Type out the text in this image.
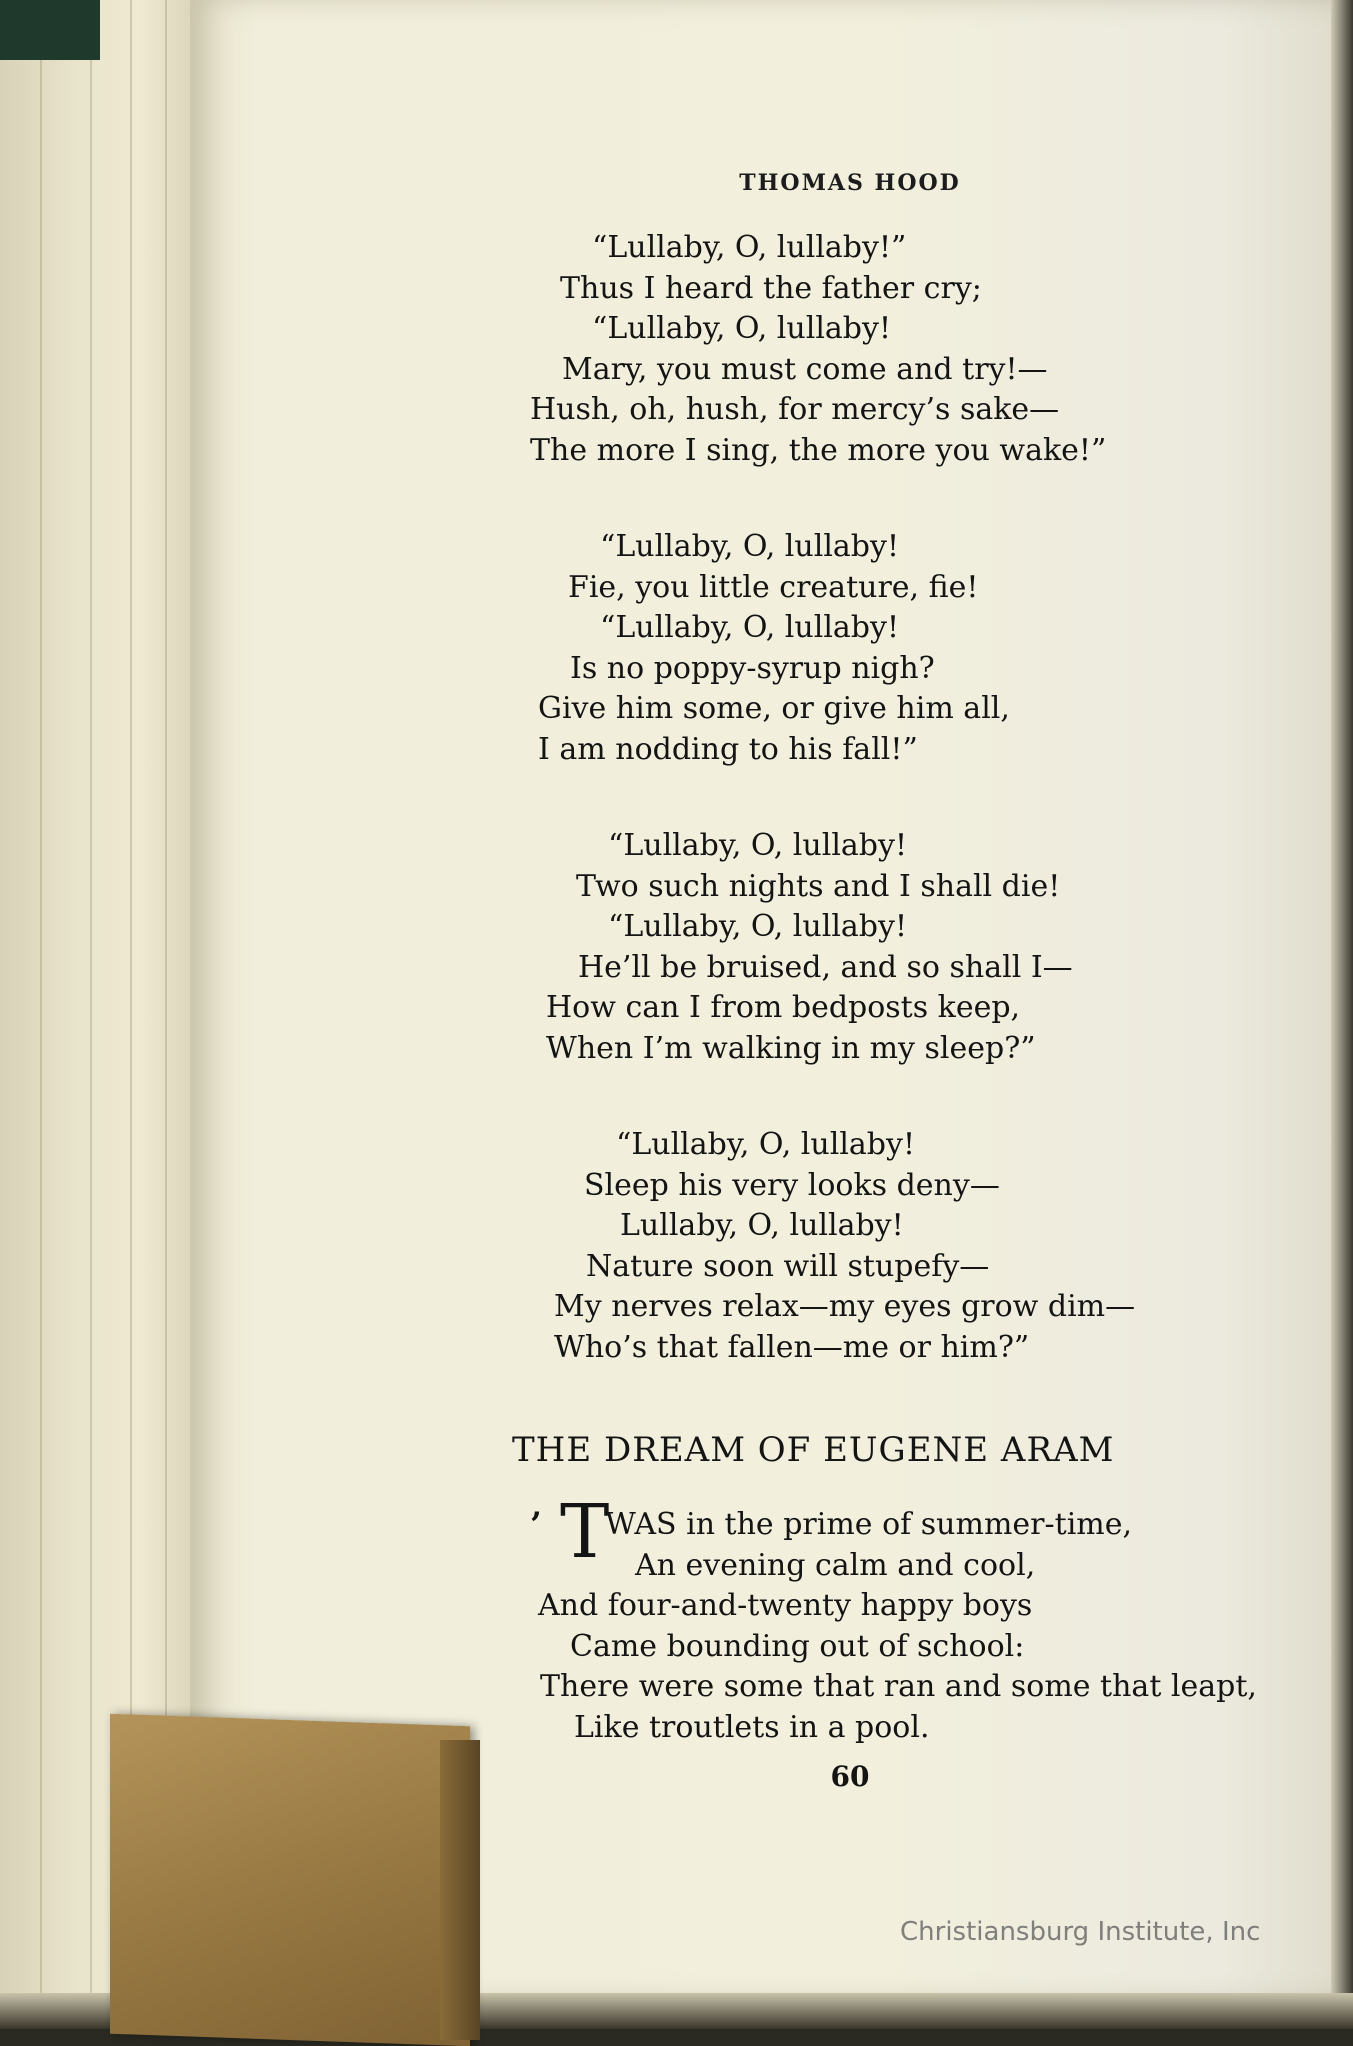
THOMAS HOOD
“Lullaby, O, lullaby!”
Thus I heard the father cry;
“Lullaby, O, lullaby!
Mary, you must come and try!—
Hush, oh, hush, for mercy’s sake—
The more I sing, the more you wake!”
“Lullaby, O, lullaby!
Fie, you little creature, fie!
“Lullaby, O, lullaby!
Is no poppy-syrup nigh?
Give him some, or give him all,
I am nodding to his fall!”
“Lullaby, O, lullaby!
Two such nights and I shall die!
“Lullaby, O, lullaby!
He’ll be bruised, and so shall I—
How can I from bedposts keep,
When I’m walking in my sleep?”
“Lullaby, O, lullaby!
Sleep his very looks deny—
Lullaby, O, lullaby!
Nature soon will stupefy—
My nerves relax—my eyes grow dim—
Who’s that fallen—me or him?”
THE DREAM OF EUGENE ARAM
’ T
WAS in the prime of summer-time,
An evening calm and cool,
And four-and-twenty happy boys
Came bounding out of school:
There were some that ran and some that leapt,
Like troutlets in a pool.
60
Christiansburg Institute, Inc
